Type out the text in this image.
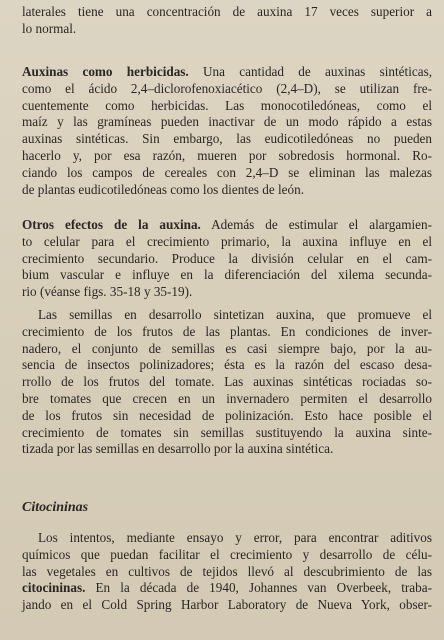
laterales tiene una concentración de auxina 17 veces superior a
lo normal.
Auxinas como herbicidas. Una cantidad de auxinas sintéticas,
como el ácido 2,4–diclorofenoxiacético (2,4–D), se utilizan fre-
cuentemente como herbicidas. Las monocotiledóneas, como el
maíz y las gramíneas pueden inactivar de un modo rápido a estas
auxinas sintéticas. Sin embargo, las eudicotiledóneas no pueden
hacerlo y, por esa razón, mueren por sobredosis hormonal. Ro-
ciando los campos de cereales con 2,4–D se eliminan las malezas
de plantas eudicotiledóneas como los dientes de león.
Otros efectos de la auxina. Además de estimular el alargamien-
to celular para el crecimiento primario, la auxina influye en el
crecimiento secundario. Produce la división celular en el cam-
bium vascular e influye en la diferenciación del xilema secunda-
rio (véanse figs. 35-18 y 35-19).
Las semillas en desarrollo sintetizan auxina, que promueve el
crecimiento de los frutos de las plantas. En condiciones de inver-
nadero, el conjunto de semillas es casi siempre bajo, por la au-
sencia de insectos polinizadores; ésta es la razón del escaso desa-
rrollo de los frutos del tomate. Las auxinas sintéticas rociadas so-
bre tomates que crecen en un invernadero permiten el desarrollo
de los frutos sin necesidad de polinización. Esto hace posible el
crecimiento de tomates sin semillas sustituyendo la auxina sinte-
tizada por las semillas en desarrollo por la auxina sintética.
Citocininas
Los intentos, mediante ensayo y error, para encontrar aditivos
químicos que puedan facilitar el crecimiento y desarrollo de célu-
las vegetales en cultivos de tejidos llevó al descubrimiento de las
citocininas. En la década de 1940, Johannes van Overbeek, traba-
jando en el Cold Spring Harbor Laboratory de Nueva York, obser-
